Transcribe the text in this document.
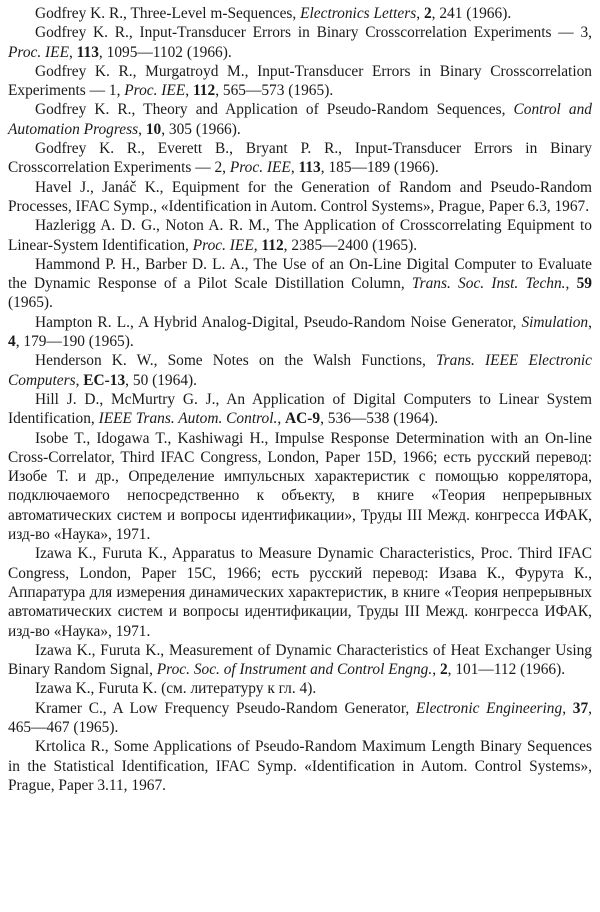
Godfrey K. R., Three-Level m-Sequences, Electronics Letters, 2, 241 (1966).

Godfrey K. R., Input-Transducer Errors in Binary Crosscorrelation Experiments — 3, Proc. IEE, 113, 1095—1102 (1966).

Godfrey K. R., Murgatroyd M., Input-Transducer Errors in Binary Crosscorrelation Experiments — 1, Proc. IEE, 112, 565—573 (1965).

Godfrey K. R., Theory and Application of Pseudo-Random Sequences, Control and Automation Progress, 10, 305 (1966).

Godfrey K. R., Everett B., Bryant P. R., Input-Transducer Errors in Binary Crosscorrelation Experiments — 2, Proc. IEE, 113, 185—189 (1966).

Havel J., Janáč K., Equipment for the Generation of Random and Pseudo-Random Processes, IFAC Symp., «Identification in Autom. Control Systems», Prague, Paper 6.3, 1967.

Hazlerigg A. D. G., Noton A. R. M., The Application of Crosscorrelating Equipment to Linear-System Identification, Proc. IEE, 112, 2385—2400 (1965).

Hammond P. H., Barber D. L. A., The Use of an On-Line Digital Computer to Evaluate the Dynamic Response of a Pilot Scale Distillation Column, Trans. Soc. Inst. Techn., 59 (1965).

Hampton R. L., A Hybrid Analog-Digital, Pseudo-Random Noise Generator, Simulation, 4, 179—190 (1965).

Henderson K. W., Some Notes on the Walsh Functions, Trans. IEEE Electronic Computers, EC-13, 50 (1964).

Hill J. D., McMurtry G. J., An Application of Digital Computers to Linear System Identification, IEEE Trans. Autom. Control., AC-9, 536—538 (1964).

Isobe T., Idogawa T., Kashiwagi H., Impulse Response Determination with an On-line Cross-Correlator, Third IFAC Congress, London, Paper 15D, 1966; есть русский перевод: Изобе Т. и др., Определение импульсных характеристик с помощью коррелятора, подключаемого непосредственно к объекту, в книге «Теория непрерывных автоматических систем и вопросы идентификации», Труды III Межд. конгресса ИФАК, изд-во «Наука», 1971.

Izawa K., Furuta K., Apparatus to Measure Dynamic Characteristics, Proc. Third IFAC Congress, London, Paper 15C, 1966; есть русский перевод: Изава К., Фурута К., Аппаратура для измерения динамических характеристик, в книге «Теория непрерывных автоматических систем и вопросы идентификации, Труды III Межд. конгресса ИФАК, изд-во «Наука», 1971.

Izawa K., Furuta K., Measurement of Dynamic Characteristics of Heat Exchanger Using Binary Random Signal, Proc. Soc. of Instrument and Control Engng., 2, 101—112 (1966).

Izawa K., Furuta K. (см. литературу к гл. 4).

Kramer C., A Low Frequency Pseudo-Random Generator, Electronic Engineering, 37, 465—467 (1965).

Krtolica R., Some Applications of Pseudo-Random Maximum Length Binary Sequences in the Statistical Identification, IFAC Symp. «Identification in Autom. Control Systems», Prague, Paper 3.11, 1967.
